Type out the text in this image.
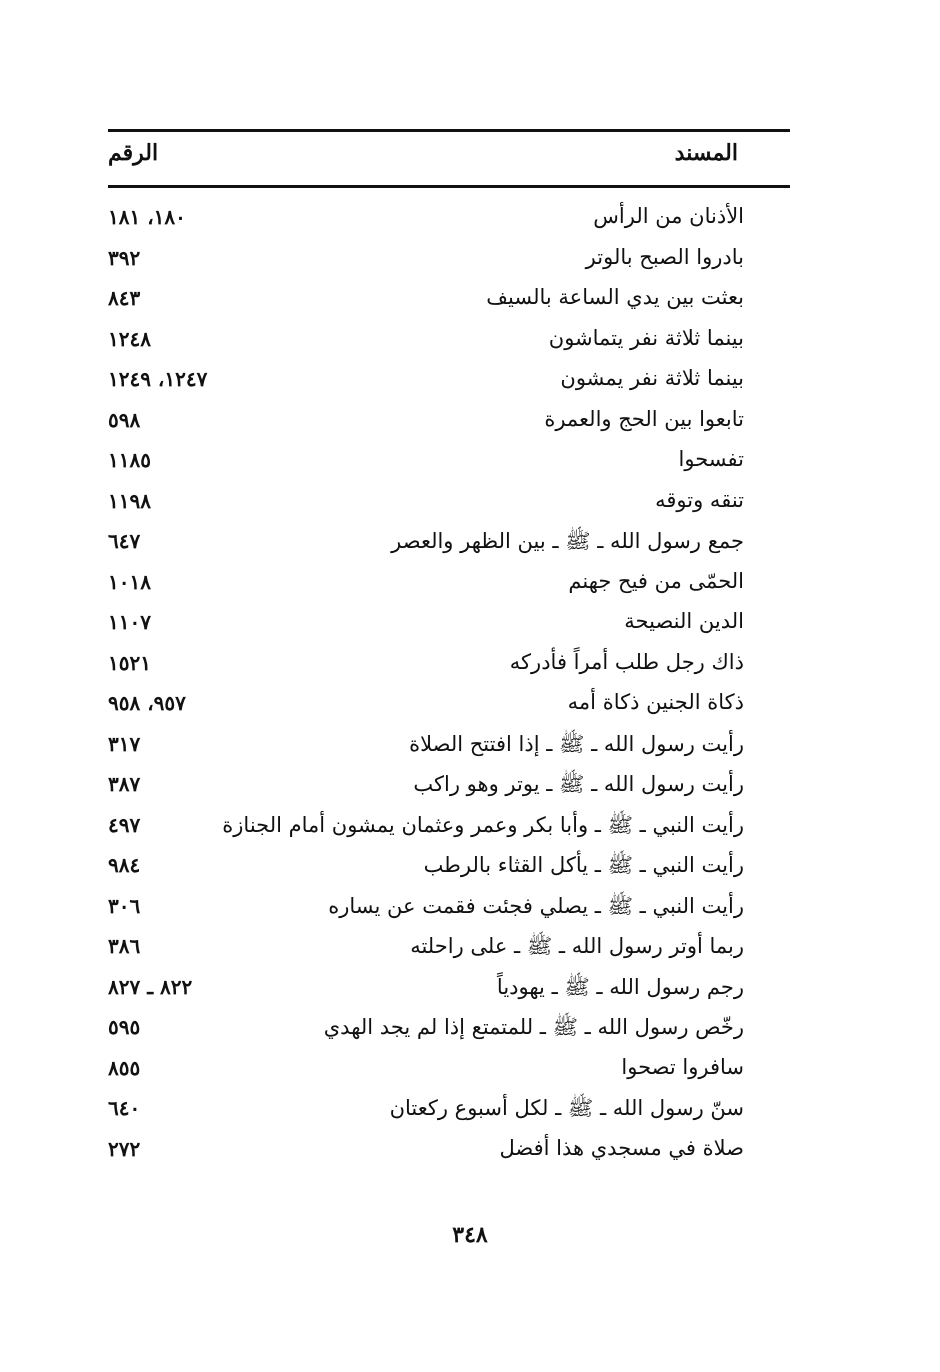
المسند
الرقم
الأذنان من الرأس
١٨٠، ١٨١
بادروا الصبح بالوتر
٣٩٢
بعثت بين يدي الساعة بالسيف
٨٤٣
بينما ثلاثة نفر يتماشون
١٢٤٨
بينما ثلاثة نفر يمشون
١٢٤٧، ١٢٤٩
تابعوا بين الحج والعمرة
٥٩٨
تفسحوا
١١٨٥
تنقه وتوقه
١١٩٨
جمع رسول الله ـ ﷺ ـ بين الظهر والعصر
٦٤٧
الحمّى من فيح جهنم
١٠١٨
الدين النصيحة
١١٠٧
ذاك رجل طلب أمراً فأدركه
١٥٢١
ذكاة الجنين ذكاة أمه
٩٥٧، ٩٥٨
رأيت رسول الله ـ ﷺ ـ إذا افتتح الصلاة
٣١٧
رأيت رسول الله ـ ﷺ ـ يوتر وهو راكب
٣٨٧
رأيت النبي ـ ﷺ ـ وأبا بكر وعمر وعثمان يمشون أمام الجنازة
٤٩٧
رأيت النبي ـ ﷺ ـ يأكل القثاء بالرطب
٩٨٤
رأيت النبي ـ ﷺ ـ يصلي فجئت فقمت عن يساره
٣٠٦
ربما أوتر رسول الله ـ ﷺ ـ على راحلته
٣٨٦
رجم رسول الله ـ ﷺ ـ يهودياً
٨٢٢ ـ ٨٢٧
رخّص رسول الله ـ ﷺ ـ للمتمتع إذا لم يجد الهدي
٥٩٥
سافروا تصحوا
٨٥٥
سنّ رسول الله ـ ﷺ ـ لكل أسبوع ركعتان
٦٤٠
صلاة في مسجدي هذا أفضل
٢٧٢
٣٤٨
